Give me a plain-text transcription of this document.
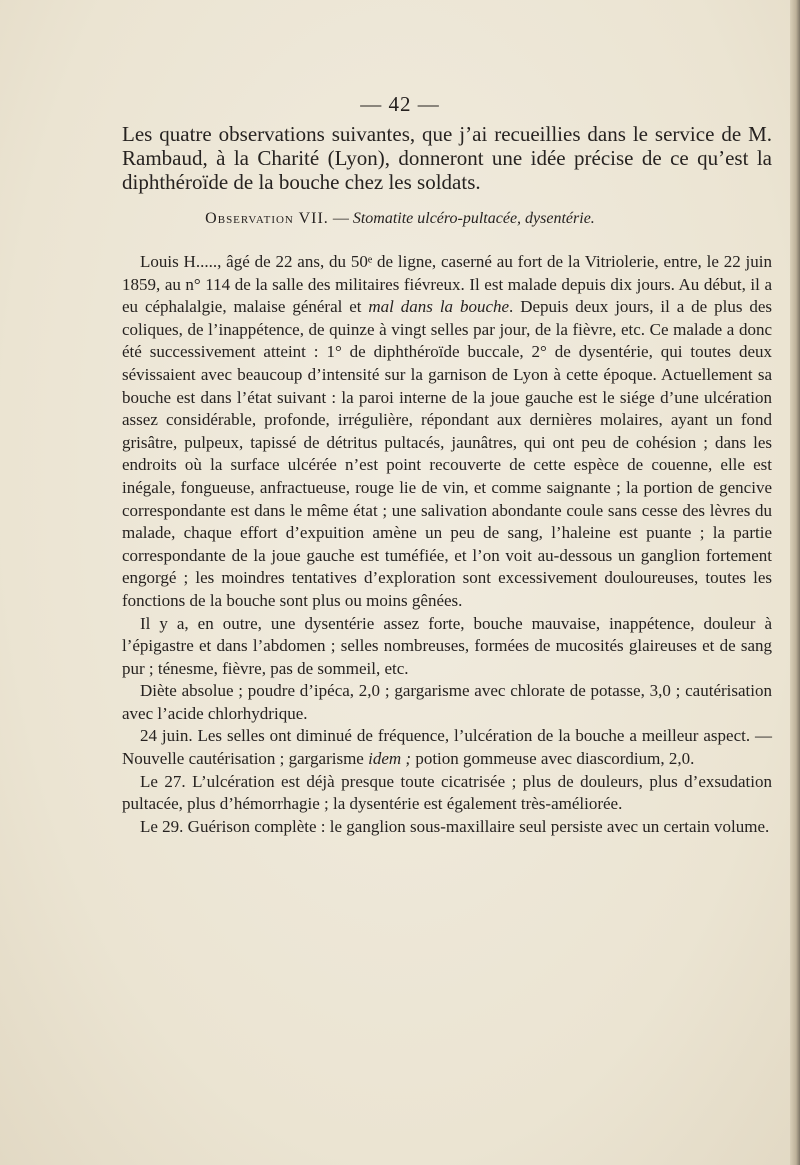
— 42 —
Les quatre observations suivantes, que j’ai recueillies dans le service de M. Rambaud, à la Charité (Lyon), donneront une idée précise de ce qu’est la diphthéroïde de la bouche chez les soldats.
Observation VII. — Stomatite ulcéro-pultacée, dysentérie.

Louis H....., âgé de 22 ans, du 50ᵉ de ligne, caserné au fort de la Vitriolerie, entre, le 22 juin 1859, au n° 114 de la salle des militaires fiévreux. Il est malade depuis dix jours. Au début, il a eu céphalalgie, malaise général et mal dans la bouche. Depuis deux jours, il a de plus des coliques, de l’inappétence, de quinze à vingt selles par jour, de la fièvre, etc. Ce malade a donc été successivement atteint : 1° de diphthéroïde buccale, 2° de dysentérie, qui toutes deux sévissaient avec beaucoup d’intensité sur la garnison de Lyon à cette époque. Actuellement sa bouche est dans l’état suivant : la paroi interne de la joue gauche est le siége d’une ulcération assez considérable, profonde, irrégulière, répondant aux dernières molaires, ayant un fond grisâtre, pulpeux, tapissé de détritus pultacés, jaunâtres, qui ont peu de cohésion ; dans les endroits où la surface ulcérée n’est point recouverte de cette espèce de couenne, elle est inégale, fongueuse, anfractueuse, rouge lie de vin, et comme saignante ; la portion de gencive correspondante est dans le même état ; une salivation abondante coule sans cesse des lèvres du malade, chaque effort d’expuition amène un peu de sang, l’haleine est puante ; la partie correspondante de la joue gauche est tuméfiée, et l’on voit au-dessous un ganglion fortement engorgé ; les moindres tentatives d’exploration sont excessivement douloureuses, toutes les fonctions de la bouche sont plus ou moins gênées.

Il y a, en outre, une dysentérie assez forte, bouche mauvaise, inappétence, douleur à l’épigastre et dans l’abdomen ; selles nombreuses, formées de mucosités glaireuses et de sang pur ; ténesme, fièvre, pas de sommeil, etc.

Diète absolue ; poudre d’ipéca, 2,0 ; gargarisme avec chlorate de potasse, 3,0 ; cautérisation avec l’acide chlorhydrique.

24 juin. Les selles ont diminué de fréquence, l’ulcération de la bouche a meilleur aspect. — Nouvelle cautérisation ; gargarisme idem ; potion gommeuse avec diascordium, 2,0.

Le 27. L’ulcération est déjà presque toute cicatrisée ; plus de douleurs, plus d’exsudation pultacée, plus d’hémorrhagie ; la dysentérie est également très-améliorée.

Le 29. Guérison complète : le ganglion sous-maxillaire seul persiste avec un certain volume.
